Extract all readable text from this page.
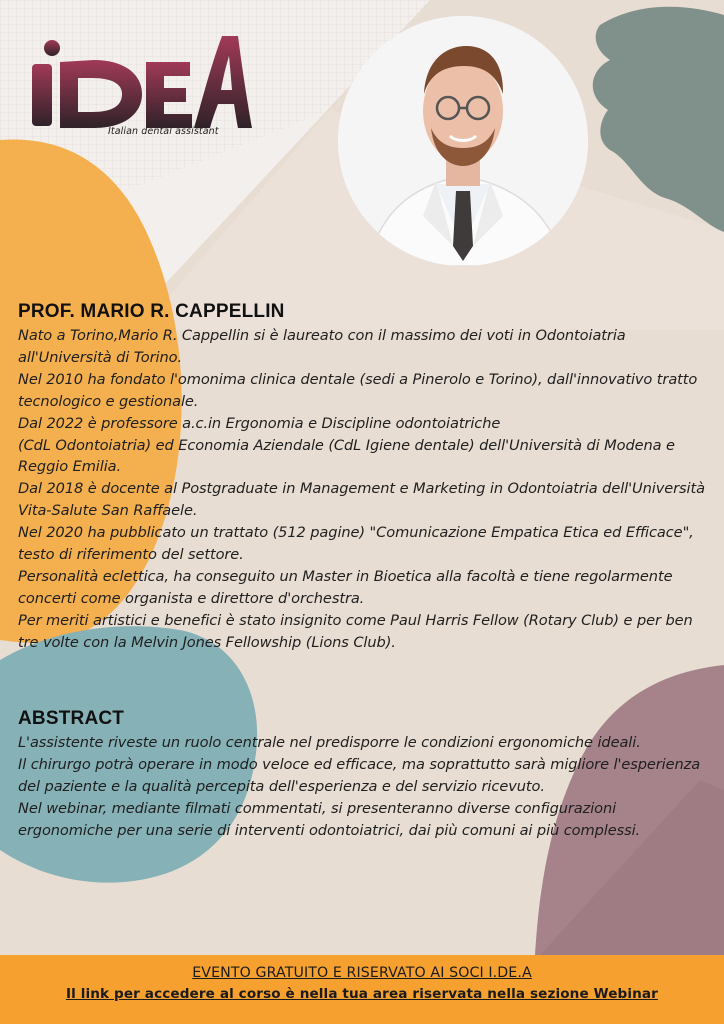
Italian dental assistant
PROF. MARIO R. CAPPELLIN

Nato a Torino,Mario R. Cappellin si è laureato con il massimo dei voti in Odontoiatria all'Università di Torino.
Nel 2010 ha fondato l'omonima clinica dentale (sedi a Pinerolo e Torino), dall'innovativo tratto tecnologico e gestionale.
Dal 2022 è professore a.c.in Ergonomia e Discipline odontoiatriche
(CdL Odontoiatria) ed Economia Aziendale (CdL Igiene dentale) dell'Università di Modena e Reggio Emilia.
Dal 2018 è docente al Postgraduate in Management e Marketing in Odontoiatria dell'Università Vita-Salute San Raffaele.
Nel 2020 ha pubblicato un trattato (512 pagine) "Comunicazione Empatica Etica ed Efficace", testo di riferimento del settore.
Personalità eclettica, ha conseguito un Master in Bioetica alla facoltà e tiene regolarmente concerti come organista e direttore d'orchestra.
Per meriti artistici e benefici è stato insignito come Paul Harris Fellow (Rotary Club) e per ben tre volte con la Melvin Jones Fellowship (Lions Club).

ABSTRACT

L'assistente riveste un ruolo centrale nel predisporre le condizioni ergonomiche ideali.
Il chirurgo potrà operare in modo veloce ed efficace, ma soprattutto sarà migliore l'esperienza del paziente e la qualità percepita dell'esperienza e del servizio ricevuto.
Nel webinar, mediante filmati commentati, si presenteranno diverse configurazioni ergonomiche per una serie di interventi odontoiatrici, dai più comuni ai più complessi.

EVENTO GRATUITO E RISERVATO AI SOCI I.DE.A
Il link per accedere al corso è nella tua area riservata nella sezione Webinar
